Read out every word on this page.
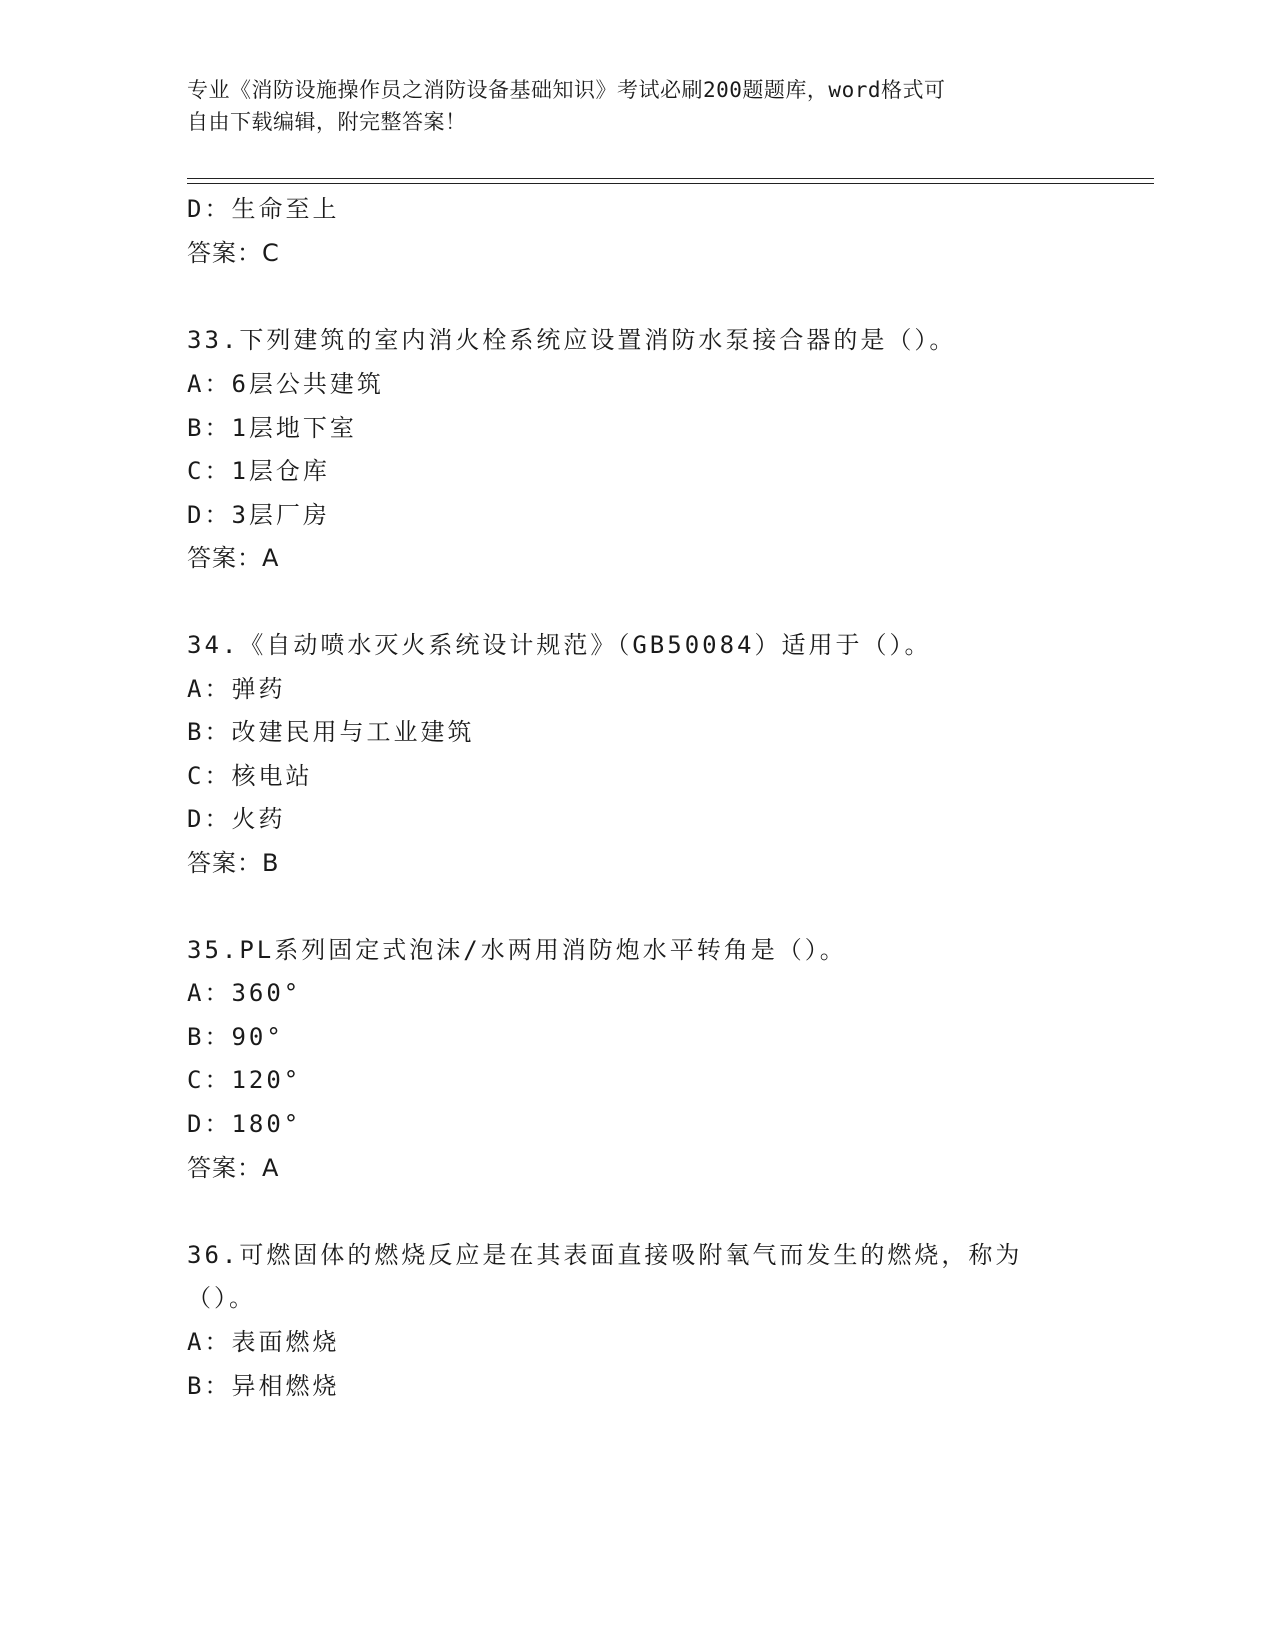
专业《消防设施操作员之消防设备基础知识》考试必刷200题题库，word格式可
自由下载编辑，附完整答案！
D：生命至上
答案：C
33.下列建筑的室内消火栓系统应设置消防水泵接合器的是（）。
A：6层公共建筑
B：1层地下室
C：1层仓库
D：3层厂房
答案：A
34.《自动喷水灭火系统设计规范》（GB50084）适用于（）。
A：弹药
B：改建民用与工业建筑
C：核电站
D：火药
答案：B
35.PL系列固定式泡沫/水两用消防炮水平转角是（）。
A：360°
B：90°
C：120°
D：180°
答案：A
36.可燃固体的燃烧反应是在其表面直接吸附氧气而发生的燃烧，称为
（）。
A：表面燃烧
B：异相燃烧
